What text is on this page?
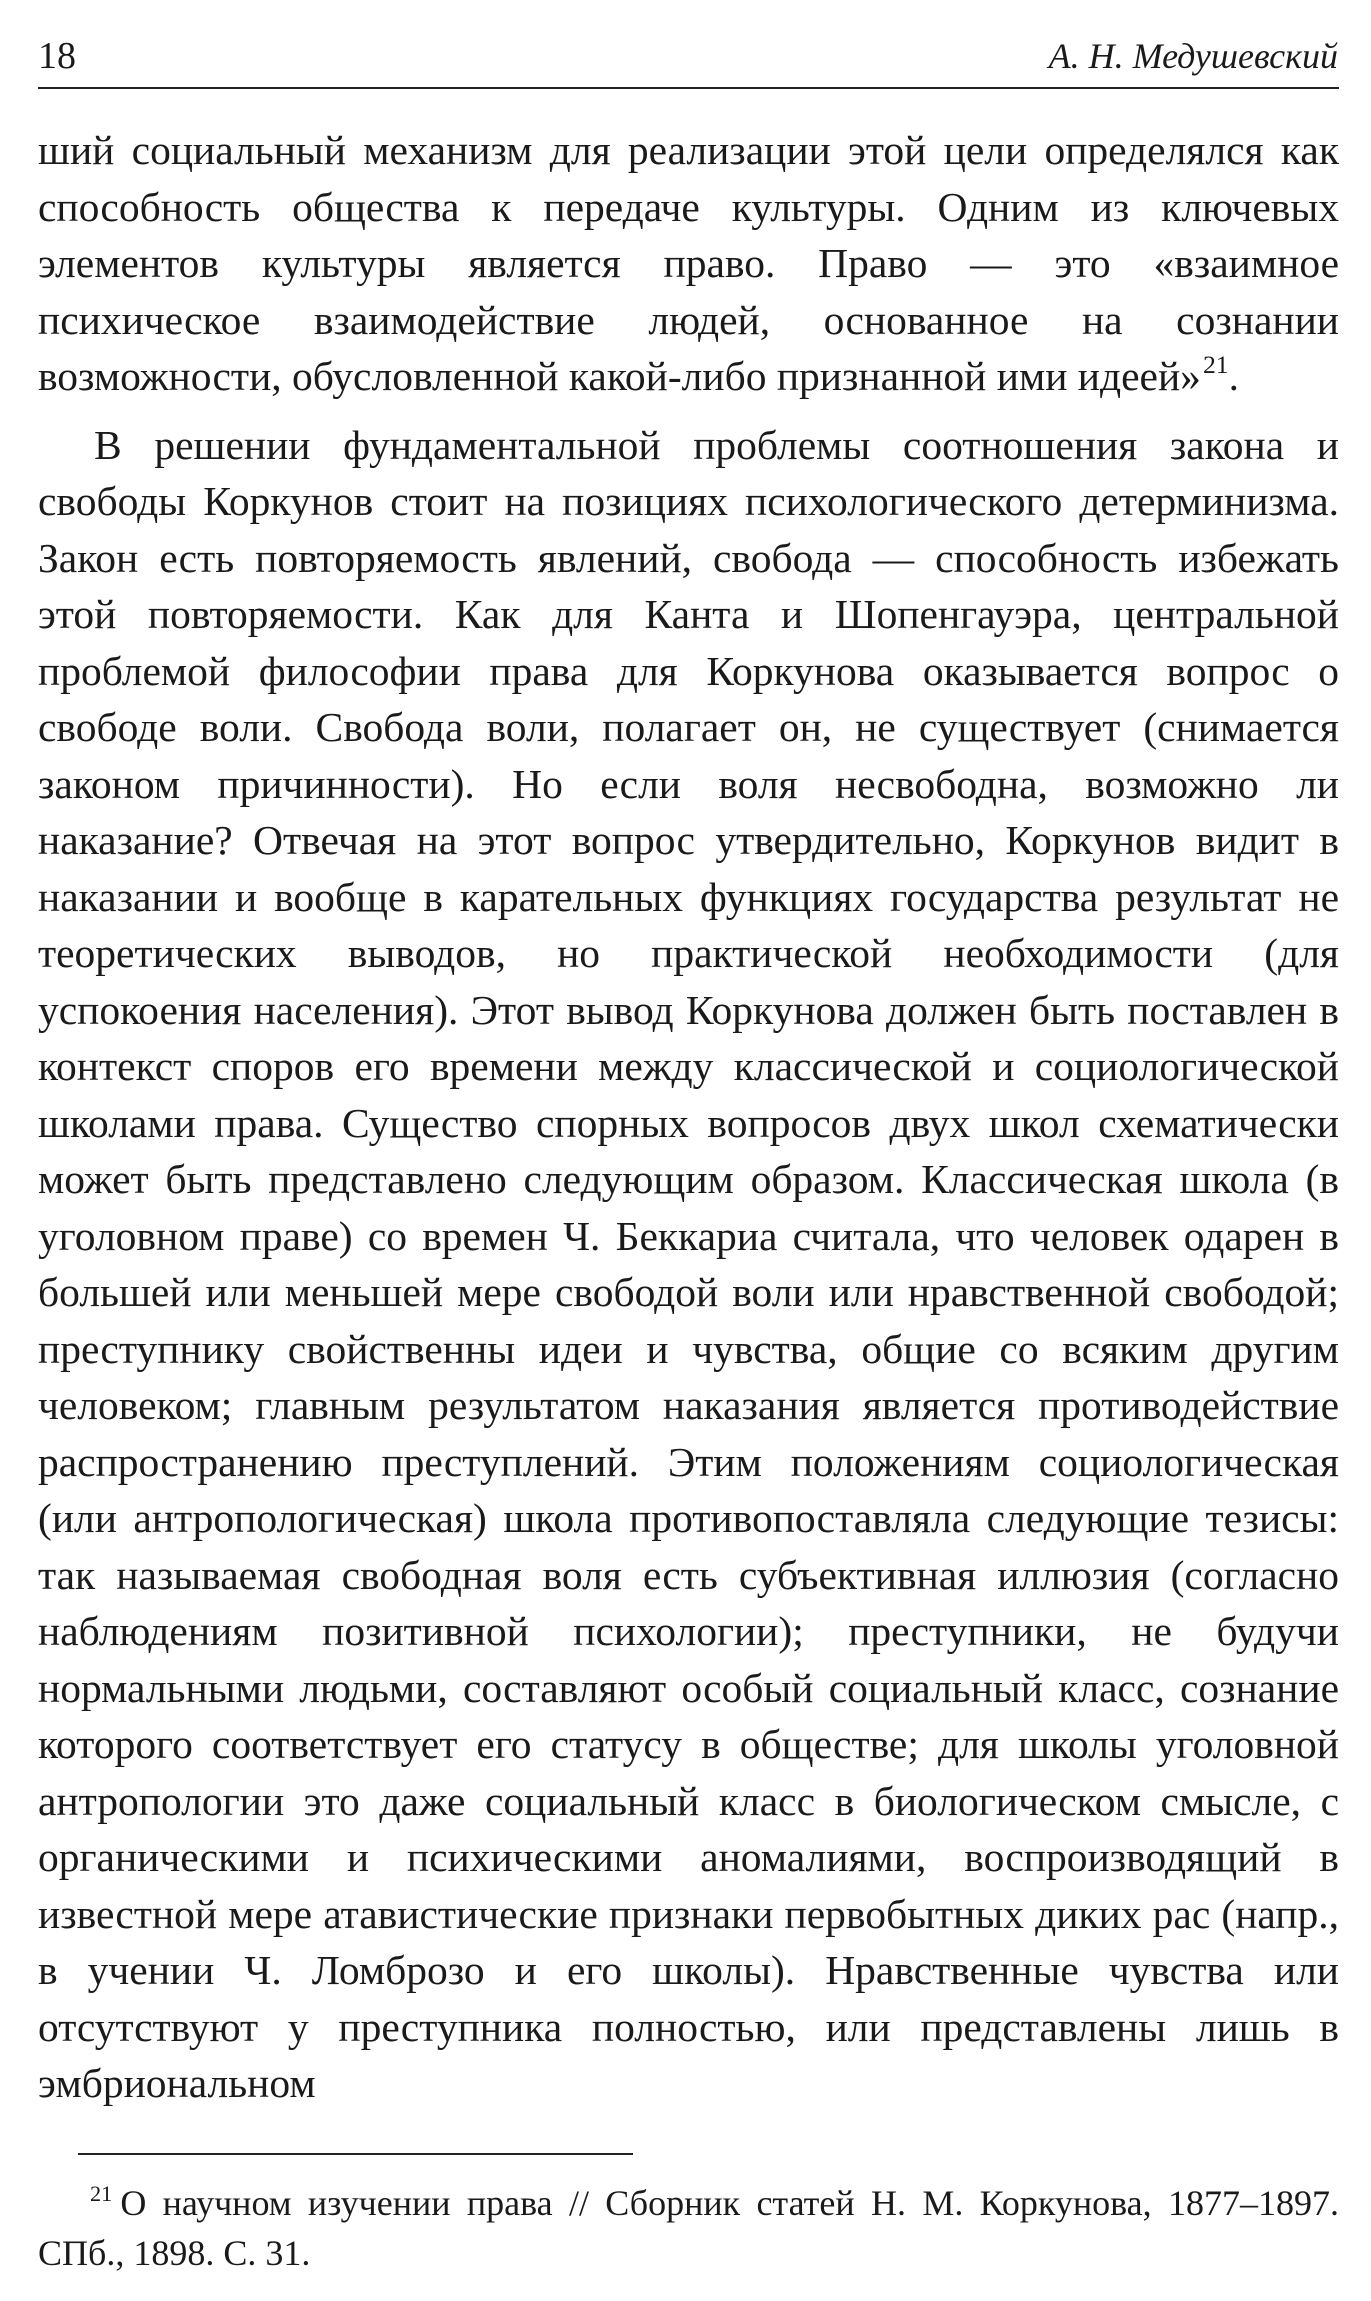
18	А. Н. Медушевский

ший социальный механизм для реализации этой цели определялся как способность общества к передаче культуры. Одним из ключевых элементов культуры является право. Право — это «взаимное психическое взаимодействие людей, основанное на сознании возможности, обусловленной какой-либо признанной ими идеей»$^{21}$.

В решении фундаментальной проблемы соотношения закона и свободы Коркунов стоит на позициях психологического детерминизма. Закон есть повторяемость явлений, свобода — способность избежать этой повторяемости. Как для Канта и Шопенгауэра, центральной проблемой философии права для Коркунова оказывается вопрос о свободе воли. Свобода воли, полагает он, не существует (снимается законом причинности). Но если воля несвободна, возможно ли наказание? Отвечая на этот вопрос утвердительно, Коркунов видит в наказании и вообще в карательных функциях государства результат не теоретических выводов, но практической необходимости (для успокоения населения). Этот вывод Коркунова должен быть поставлен в контекст споров его времени между классической и социологической школами права. Существо спорных вопросов двух школ схематически может быть представлено следующим образом. Классическая школа (в уголовном праве) со времен Ч. Беккариа считала, что человек одарен в большей или меньшей мере свободой воли или нравственной свободой; преступнику свойственны идеи и чувства, общие со всяким другим человеком; главным результатом наказания является противодействие распространению преступлений. Этим положениям социологическая (или антропологическая) школа противопоставляла следующие тезисы: так называемая свободная воля есть субъективная иллюзия (согласно наблюдениям позитивной психологии); преступники, не будучи нормальными людьми, составляют особый социальный класс, сознание которого соответствует его статусу в обществе; для школы уголовной антропологии это даже социальный класс в биологическом смысле, с органическими и психическими аномалиями, воспроизводящий в известной мере атавистические признаки первобытных диких рас (напр., в учении Ч. Ломброзо и его школы). Нравственные чувства или отсутствуют у преступника полностью, или представлены лишь в эмбриональном

$^{21}$ О научном изучении права // Сборник статей Н. М. Коркунова, 1877–1897. СПб., 1898. С. 31.
